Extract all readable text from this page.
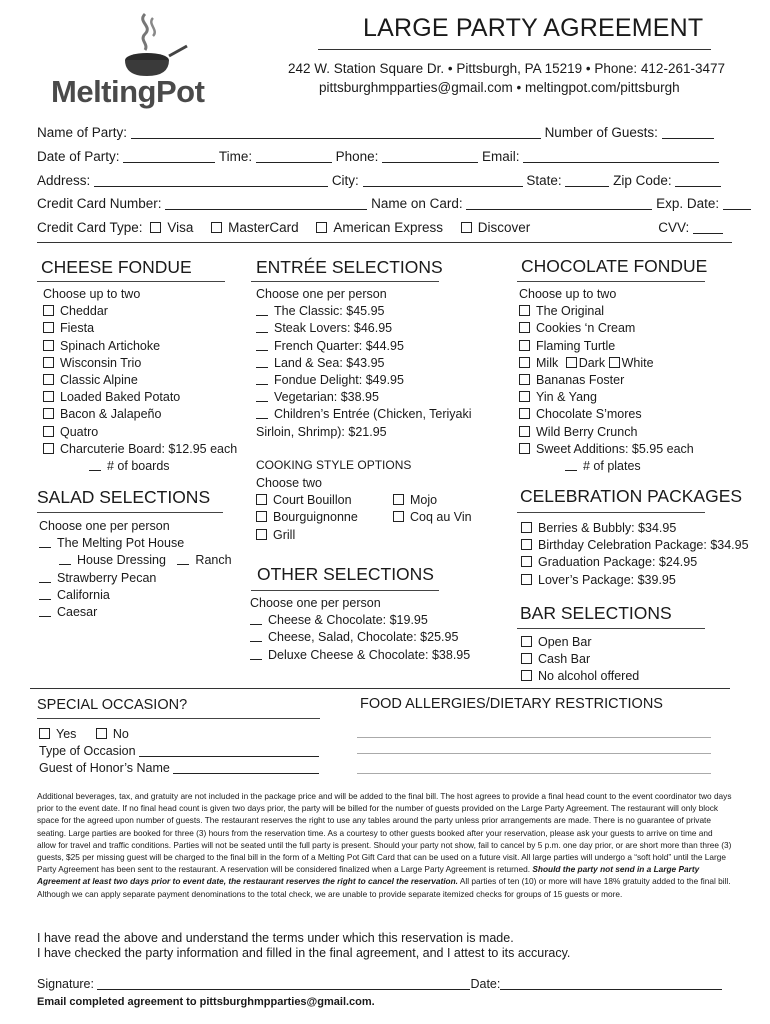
MeltingPot
LARGE PARTY AGREEMENT
242 W. Station Square Dr. • Pittsburgh, PA 15219 • Phone: 412-261-3477
pittsburghmpparties@gmail.com • meltingpot.com/pittsburgh
Name of Party:	Number of Guests:
Date of Party:	Time:	Phone:	Email:
Address:	City:	State:	Zip Code:
Credit Card Number:	Name on Card:	Exp. Date:
Credit Card Type: Visa	MasterCard	American Express	Discover	CVV:
CHEESE FONDUE
Choose up to two
Cheddar
Fiesta
Spinach Artichoke
Wisconsin Trio
Classic Alpine
Loaded Baked Potato
Bacon & Jalapeño
Quatro
Charcuterie Board: $12.95 each
# of boards
ENTRÉE SELECTIONS
Choose one per person
The Classic: $45.95
Steak Lovers: $46.95
French Quarter: $44.95
Land & Sea: $43.95
Fondue Delight: $49.95
Vegetarian: $38.95
Children’s Entrée (Chicken, Teriyaki
Sirloin, Shrimp): $21.95
COOKING STYLE OPTIONS
Choose two
Court Bouillon
Bourguignonne
Grill
Mojo
Coq au Vin
CHOCOLATE FONDUE
Choose up to two
The Original
Cookies ‘n Cream
Flaming Turtle
Milk Dark White
Bananas Foster
Yin & Yang
Chocolate S’mores
Wild Berry Crunch
Sweet Additions: $5.95 each
# of plates
SALAD SELECTIONS
Choose one per person
The Melting Pot House
House Dressing Ranch
Strawberry Pecan
California
Caesar
CELEBRATION PACKAGES
Berries & Bubbly: $34.95
Birthday Celebration Package: $34.95
Graduation Package: $24.95
Lover’s Package: $39.95
OTHER SELECTIONS
Choose one per person
Cheese & Chocolate: $19.95
Cheese, Salad, Chocolate: $25.95
Deluxe Cheese & Chocolate: $38.95
BAR SELECTIONS
Open Bar
Cash Bar
No alcohol offered
SPECIAL OCCASION?
Yes	No
Type of Occasion
Guest of Honor’s Name
FOOD ALLERGIES/DIETARY RESTRICTIONS
Additional beverages, tax, and gratuity are not included in the package price and will be added to the final bill. The host agrees to provide a final head count to the event coordinator two days prior to the event date. If no final head count is given two days prior, the party will be billed for the number of guests provided on the Large Party Agreement. The restaurant will only block space for the agreed upon number of guests. The restaurant reserves the right to use any tables around the party unless prior arrangements are made. There is no guarantee of private seating. Large parties are booked for three (3) hours from the reservation time. As a courtesy to other guests booked after your reservation, please ask your guests to arrive on time and allow for travel and traffic conditions. Parties will not be seated until the full party is present. Should your party not show, fail to cancel by 5 p.m. one day prior, or are short more than three (3) guests, $25 per missing guest will be charged to the final bill in the form of a Melting Pot Gift Card that can be used on a future visit. All large parties will undergo a “soft hold” until the Large Party Agreement has been sent to the restaurant. A reservation will be considered finalized when a Large Party Agreement is returned. Should the party not send in a Large Party Agreement at least two days prior to event date, the restaurant reserves the right to cancel the reservation. All parties of ten (10) or more will have 18% gratuity added to the final bill. Although we can apply separate payment denominations to the total check, we are unable to provide separate itemized checks for groups of 15 guests or more.
I have read the above and understand the terms under which this reservation is made.
I have checked the party information and filled in the final agreement, and I attest to its accuracy.
Signature:	Date:
Email completed agreement to pittsburghmpparties@gmail.com.
